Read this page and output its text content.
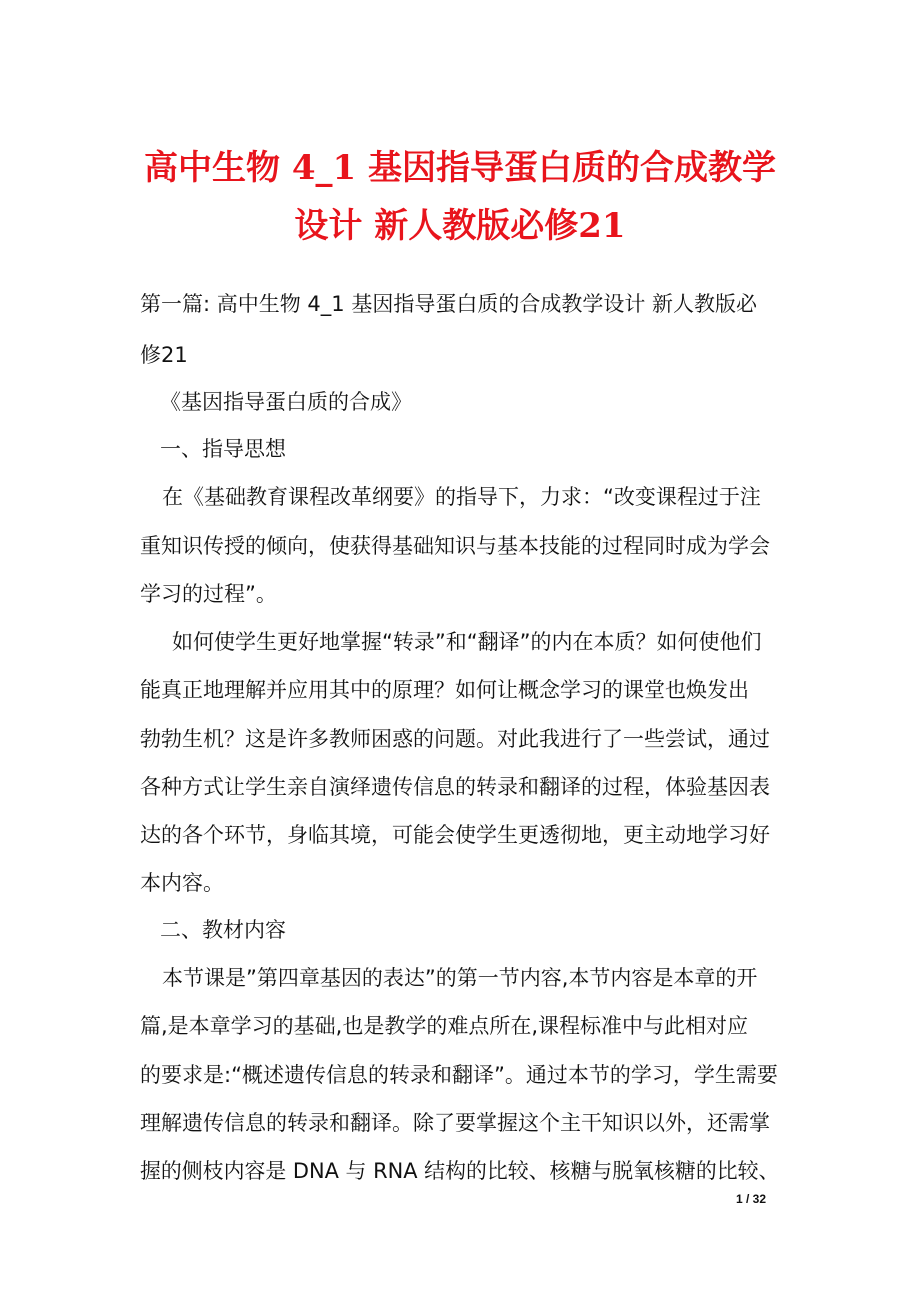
高中生物 4_1 基因指导蛋白质的合成教学
设计 新人教版必修21
第一篇: 高中生物 4_1 基因指导蛋白质的合成教学设计 新人教版必
修21
《基因指导蛋白质的合成》
一、指导思想
在《基础教育课程改革纲要》的指导下，力求：“改变课程过于注
重知识传授的倾向，使获得基础知识与基本技能的过程同时成为学会
学习的过程”。
如何使学生更好地掌握“转录”和“翻译”的内在本质？如何使他们
能真正地理解并应用其中的原理？如何让概念学习的课堂也焕发出
勃勃生机？这是许多教师困惑的问题。对此我进行了一些尝试，通过
各种方式让学生亲自演绎遗传信息的转录和翻译的过程，体验基因表
达的各个环节，身临其境，可能会使学生更透彻地，更主动地学习好
本内容。
二、教材内容
本节课是”第四章基因的表达”的第一节内容,本节内容是本章的开
篇,是本章学习的基础,也是教学的难点所在,课程标准中与此相对应
的要求是:“概述遗传信息的转录和翻译”。通过本节的学习，学生需要
理解遗传信息的转录和翻译。除了要掌握这个主干知识以外，还需掌
握的侧枝内容是 DNA 与 RNA 结构的比较、核糖与脱氧核糖的比较、
1 / 32
